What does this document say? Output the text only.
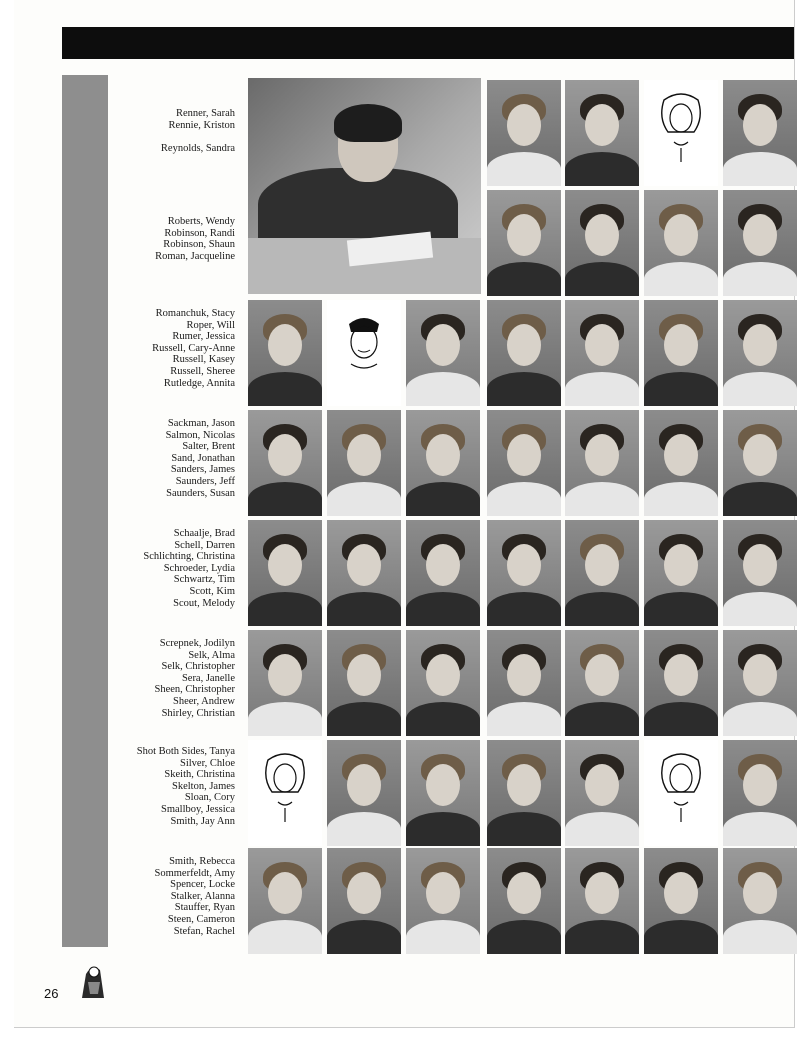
Renner, Sarah
Rennie, Kriston

Reynolds, Sandra
Roberts, Wendy
Robinson, Randi
Robinson, Shaun
Roman, Jacqueline
Romanchuk, Stacy
Roper, Will
Rumer, Jessica
Russell, Cary-Anne
Russell, Kasey
Russell, Sheree
Rutledge, Annita
Sackman, Jason
Salmon, Nicolas
Salter, Brent
Sand, Jonathan
Sanders, James
Saunders, Jeff
Saunders, Susan
Schaalje, Brad
Schell, Darren
Schlichting, Christina
Schroeder, Lydia
Schwartz, Tim
Scott, Kim
Scout, Melody
Screpnek, Jodilyn
Selk, Alma
Selk, Christopher
Sera, Janelle
Sheen, Christopher
Sheer, Andrew
Shirley, Christian
Shot Both Sides, Tanya
Silver, Chloe
Skeith, Christina
Skelton, James
Sloan, Cory
Smallboy, Jessica
Smith, Jay Ann
Smith, Rebecca
Sommerfeldt, Amy
Spencer, Locke
Stalker, Alanna
Stauffer, Ryan
Steen, Cameron
Stefan, Rachel
26
